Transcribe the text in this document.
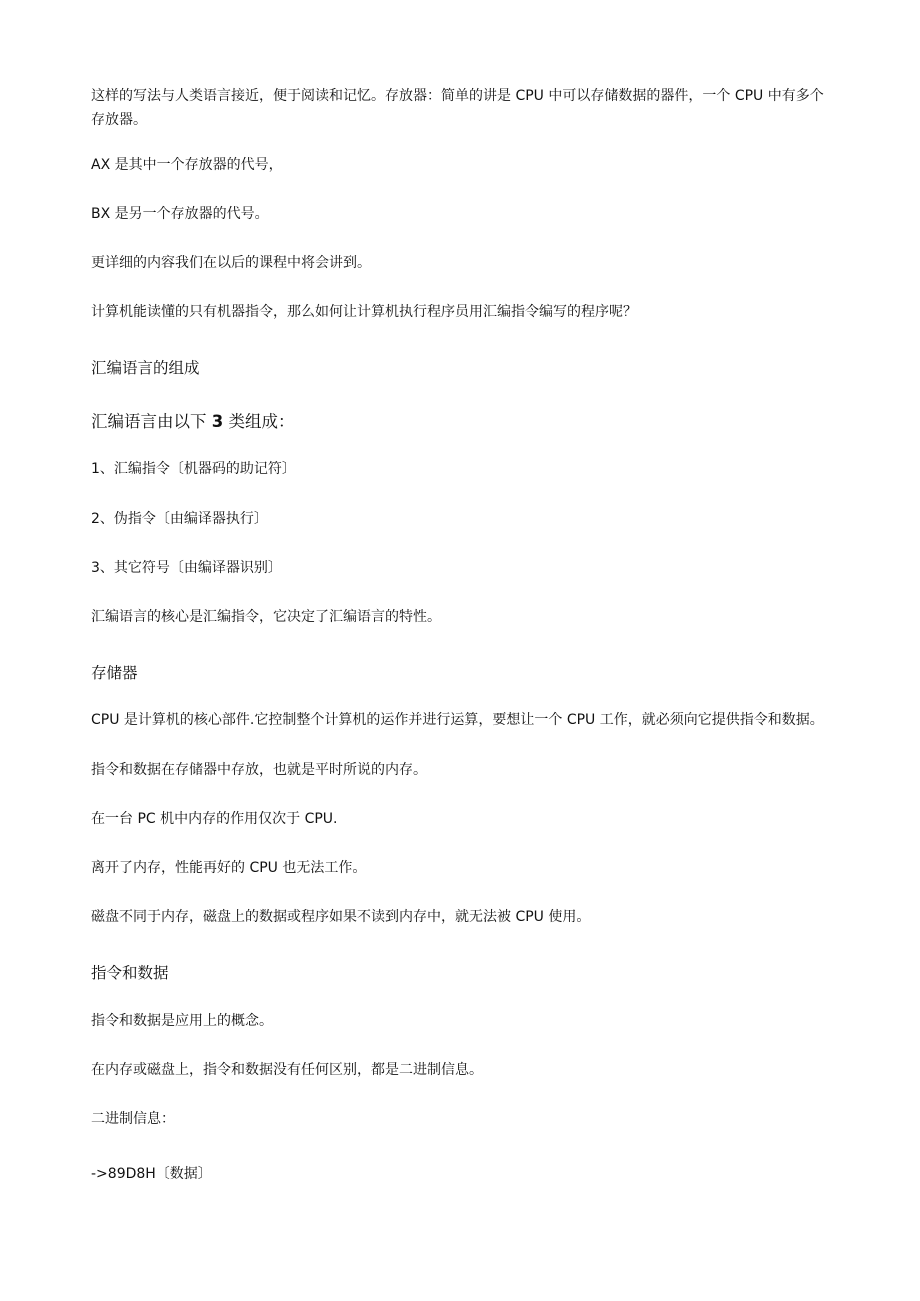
这样的写法与人类语言接近，便于阅读和记忆。存放器：简单的讲是 CPU 中可以存储数据的器件，一个 CPU 中有多个存放器。

AX 是其中一个存放器的代号，

BX 是另一个存放器的代号。

更详细的内容我们在以后的课程中将会讲到。

计算机能读懂的只有机器指令，那么如何让计算机执行程序员用汇编指令编写的程序呢？

汇编语言的组成

汇编语言由以下 3 类组成：

1、汇编指令〔机器码的助记符〕

2、伪指令〔由编译器执行〕

3、其它符号〔由编译器识别〕

汇编语言的核心是汇编指令，它决定了汇编语言的特性。

存储器

CPU 是计算机的核心部件.它控制整个计算机的运作并进行运算，要想让一个 CPU 工作，就必须向它提供指令和数据。

指令和数据在存储器中存放，也就是平时所说的内存。

在一台 PC 机中内存的作用仅次于 CPU.

离开了内存，性能再好的 CPU 也无法工作。

磁盘不同于内存，磁盘上的数据或程序如果不读到内存中，就无法被 CPU 使用。

指令和数据

指令和数据是应用上的概念。

在内存或磁盘上，指令和数据没有任何区别，都是二进制信息。

二进制信息：

->89D8H〔数据〕
